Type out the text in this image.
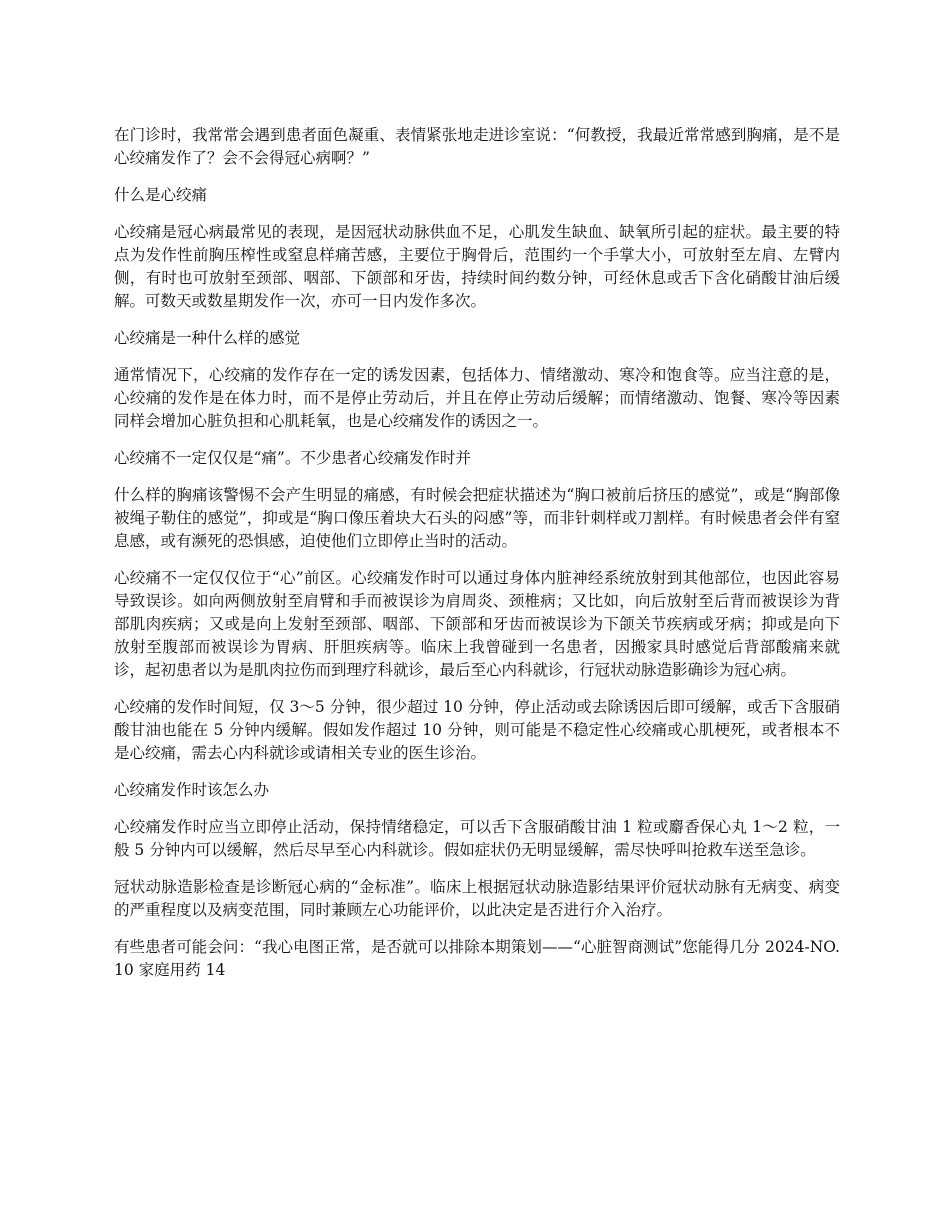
在门诊时，我常常会遇到患者面色凝重、表情紧张地走进诊室说：“何教授，我最近常常感到胸痛，是不是心绞痛发作了？会不会得冠心病啊？”

什么是心绞痛

心绞痛是冠心病最常见的表现，是因冠状动脉供血不足，心肌发生缺血、缺氧所引起的症状。最主要的特点为发作性前胸压榨性或窒息样痛苦感，主要位于胸骨后，范围约一个手掌大小，可放射至左肩、左臂内侧，有时也可放射至颈部、咽部、下颌部和牙齿，持续时间约数分钟，可经休息或舌下含化硝酸甘油后缓解。可数天或数星期发作一次，亦可一日内发作多次。

心绞痛是一种什么样的感觉

通常情况下，心绞痛的发作存在一定的诱发因素，包括体力、情绪激动、寒冷和饱食等。应当注意的是，心绞痛的发作是在体力时，而不是停止劳动后，并且在停止劳动后缓解；而情绪激动、饱餐、寒冷等因素同样会增加心脏负担和心肌耗氧，也是心绞痛发作的诱因之一。

心绞痛不一定仅仅是“痛”。不少患者心绞痛发作时并

什么样的胸痛该警惕不会产生明显的痛感，有时候会把症状描述为“胸口被前后挤压的感觉”，或是“胸部像被绳子勒住的感觉”，抑或是“胸口像压着块大石头的闷感”等，而非针刺样或刀割样。有时候患者会伴有窒息感，或有濒死的恐惧感，迫使他们立即停止当时的活动。

心绞痛不一定仅仅位于“心”前区。心绞痛发作时可以通过身体内脏神经系统放射到其他部位，也因此容易导致误诊。如向两侧放射至肩臂和手而被误诊为肩周炎、颈椎病；又比如，向后放射至后背而被误诊为背部肌肉疾病；又或是向上发射至颈部、咽部、下颌部和牙齿而被误诊为下颌关节疾病或牙病；抑或是向下放射至腹部而被误诊为胃病、肝胆疾病等。临床上我曾碰到一名患者，因搬家具时感觉后背部酸痛来就诊，起初患者以为是肌肉拉伤而到理疗科就诊，最后至心内科就诊，行冠状动脉造影确诊为冠心病。

心绞痛的发作时间短，仅 3～5 分钟，很少超过 10 分钟，停止活动或去除诱因后即可缓解，或舌下含服硝酸甘油也能在 5 分钟内缓解。假如发作超过 10 分钟，则可能是不稳定性心绞痛或心肌梗死，或者根本不是心绞痛，需去心内科就诊或请相关专业的医生诊治。

心绞痛发作时该怎么办

心绞痛发作时应当立即停止活动，保持情绪稳定，可以舌下含服硝酸甘油 1 粒或麝香保心丸 1～2 粒，一般 5 分钟内可以缓解，然后尽早至心内科就诊。假如症状仍无明显缓解，需尽快呼叫抢救车送至急诊。

冠状动脉造影检查是诊断冠心病的“金标准”。临床上根据冠状动脉造影结果评价冠状动脉有无病变、病变的严重程度以及病变范围，同时兼顾左心功能评价，以此决定是否进行介入治疗。

有些患者可能会问：“我心电图正常，是否就可以排除本期策划——“心脏智商测试”您能得几分 2024-NO.10 家庭用药 14
